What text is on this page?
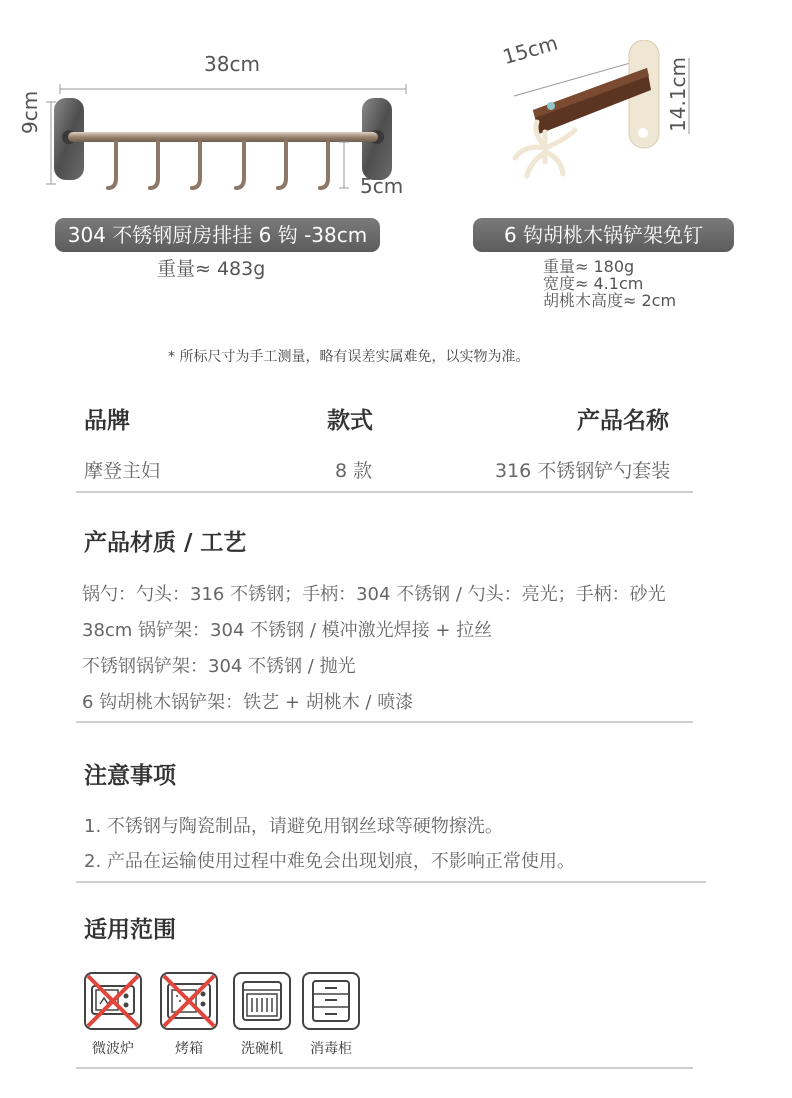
38cm
9cm
5cm
304 不锈钢厨房排挂 6 钩 -38cm
重量≈ 483g
15cm
14.1cm
6 钩胡桃木锅铲架免钉
重量≈ 180g
宽度≈ 4.1cm
胡桃木高度≈ 2cm
* 所标尺寸为手工测量，略有误差实属难免，以实物为准。
品牌	款式	产品名称
摩登主妇	8 款	316 不锈钢铲勺套装
产品材质 / 工艺
锅勺：勺头：316 不锈钢；手柄：304 不锈钢 / 勺头：亮光；手柄：砂光
38cm 锅铲架：304 不锈钢 / 模冲激光焊接 + 拉丝
不锈钢锅铲架：304 不锈钢 / 抛光
6 钩胡桃木锅铲架：铁艺 + 胡桃木 / 喷漆
注意事项
1. 不锈钢与陶瓷制品，请避免用钢丝球等硬物擦洗。
2. 产品在运输使用过程中难免会出现划痕，不影响正常使用。
适用范围
微波炉	烤箱	洗碗机	消毒柜
